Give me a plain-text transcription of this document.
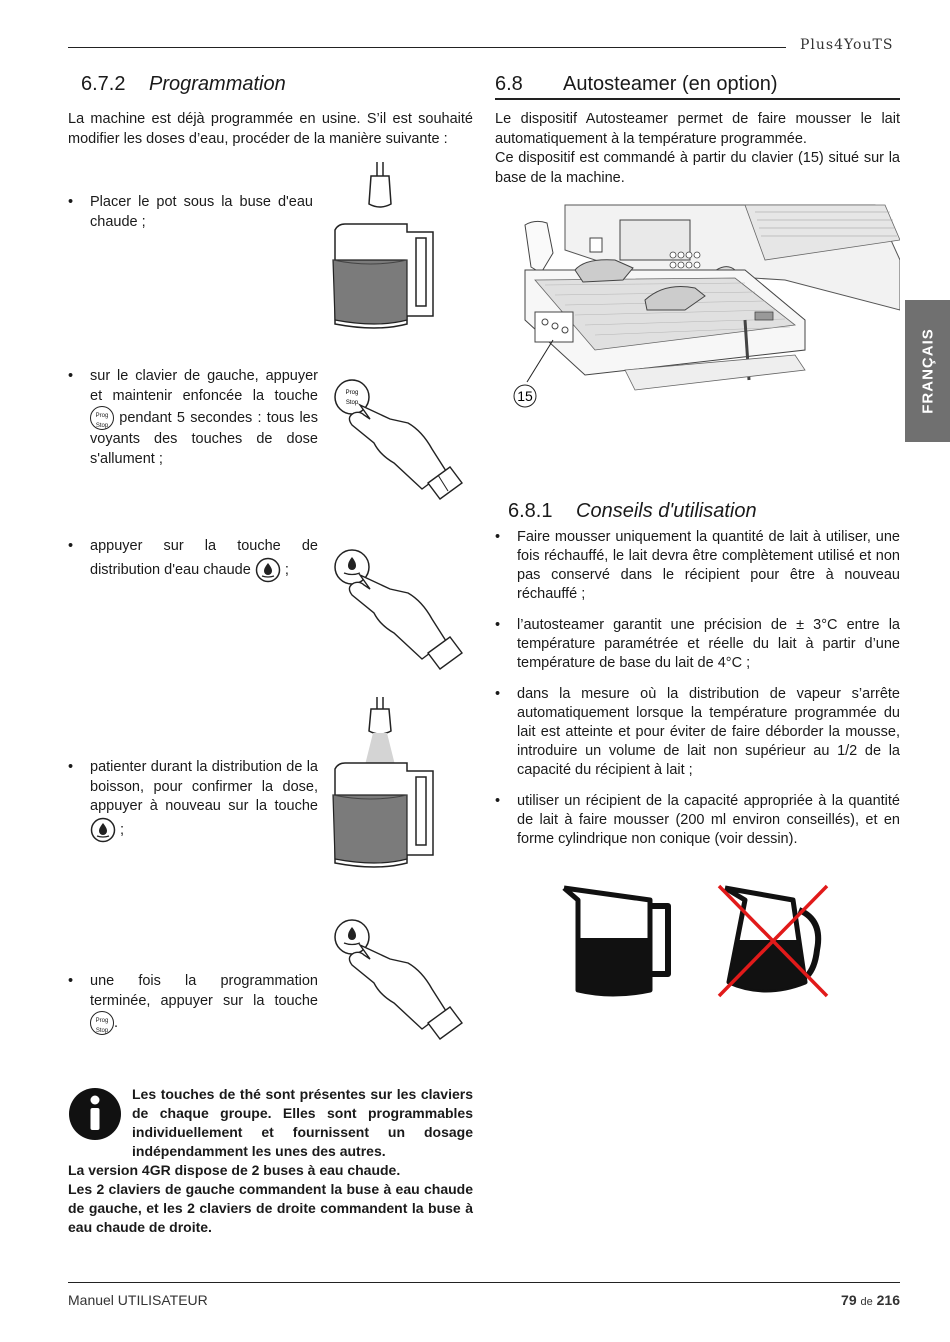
Plus4YouTS
FRANÇAIS
6.7.2 Programmation
La machine est déjà programmée en usine. S’il est souhaité modifier les doses d’eau, procéder de la manière suivante :
•	Placer le pot sous la buse d'eau chaude ;
•	sur le clavier de gauche, appuyer et maintenir enfoncée la touche Prog
Stop pendant 5 secondes : tous les voyants des touches de dose s'allument ;
•	appuyer sur la touche de distribution d'eau chaude ;
•	patienter durant la distribution de la boisson, pour confirmer la dose, appuyer à nouveau sur la touche  ;
•	une fois la programmation terminée, appuyer sur la touche Prog
Stop.
Prog
Stop

Les touches de thé sont présentes sur les claviers de chaque groupe. Elles sont programmables individuellement et fournissent un dosage indépendamment les unes des autres.

La version 4GR dispose de 2 buses à eau chaude.

Les 2 claviers de gauche commandent la buse à eau chaude de gauche, et les 2 claviers de droite commandent la buse à eau chaude de droite.

6.8 Autosteamer (en option)
Le dispositif Autosteamer permet de faire mousser le lait automatiquement à la température programmée.
Ce dispositif est commandé à partir du clavier (15) situé sur la base de la machine.
15
6.8.1 Conseils d'utilisation
• Faire mousser uniquement la quantité de lait à utiliser, une fois réchauffé, le lait devra être complètement utilisé et non pas conservé dans le récipient pour être à nouveau réchauffé ;
• l’autosteamer garantit une précision de ± 3°C entre la température paramétrée et réelle du lait à partir d’une température de base du lait de 4°C ;
• dans la mesure où la distribution de vapeur s’arrête automatiquement lorsque la température programmée du lait est atteinte et pour éviter de faire déborder la mousse, introduire un volume de lait non supérieur au 1/2 de la capacité du récipient à lait ;
• utiliser un récipient de la capacité appropriée à la quantité de lait à faire mousser (200 ml environ conseillés), et en forme cylindrique non conique (voir dessin).
Manuel UTILISATEUR	79 de 216
